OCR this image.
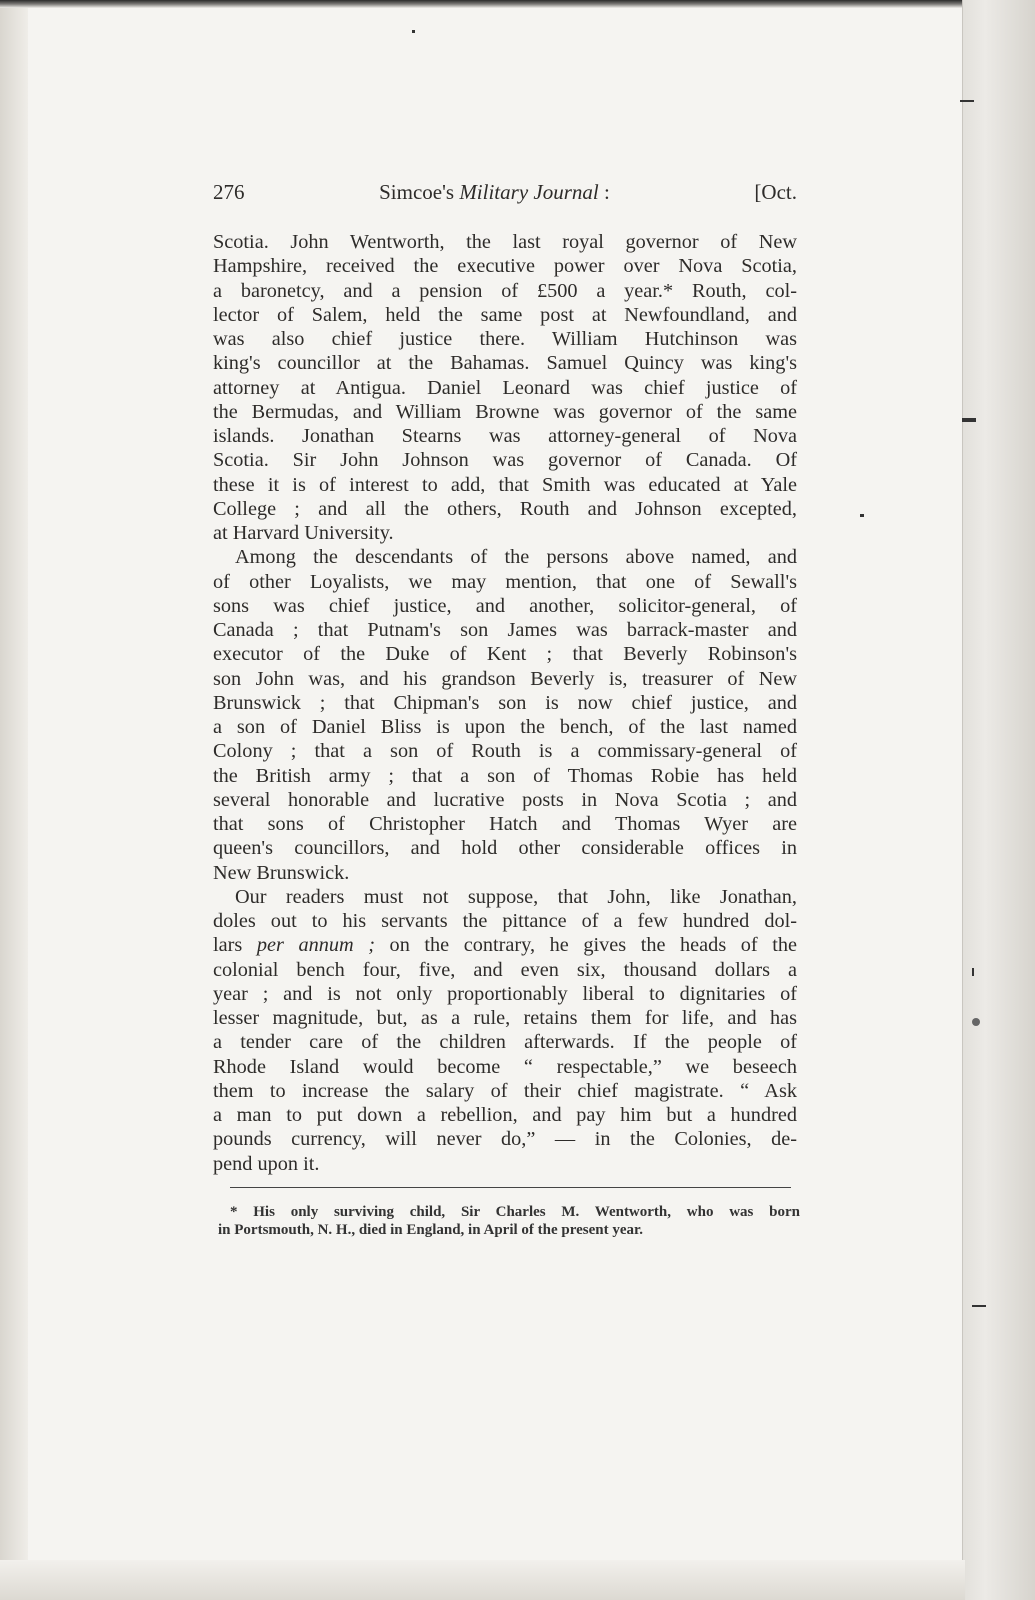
276	Simcoe's Military Journal :	[Oct.
Scotia. John Wentworth, the last royal governor of New
Hampshire, received the executive power over Nova Scotia,
a baronetcy, and a pension of £500 a year.* Routh, col-
lector of Salem, held the same post at Newfoundland, and
was also chief justice there. William Hutchinson was
king's councillor at the Bahamas. Samuel Quincy was king's
attorney at Antigua. Daniel Leonard was chief justice of
the Bermudas, and William Browne was governor of the same
islands. Jonathan Stearns was attorney-general of Nova
Scotia. Sir John Johnson was governor of Canada. Of
these it is of interest to add, that Smith was educated at Yale
College ; and all the others, Routh and Johnson excepted,
at Harvard University.
Among the descendants of the persons above named, and
of other Loyalists, we may mention, that one of Sewall's
sons was chief justice, and another, solicitor-general, of
Canada ; that Putnam's son James was barrack-master and
executor of the Duke of Kent ; that Beverly Robinson's
son John was, and his grandson Beverly is, treasurer of New
Brunswick ; that Chipman's son is now chief justice, and
a son of Daniel Bliss is upon the bench, of the last named
Colony ; that a son of Routh is a commissary-general of
the British army ; that a son of Thomas Robie has held
several honorable and lucrative posts in Nova Scotia ; and
that sons of Christopher Hatch and Thomas Wyer are
queen's councillors, and hold other considerable offices in
New Brunswick.
Our readers must not suppose, that John, like Jonathan,
doles out to his servants the pittance of a few hundred dol-
lars per annum ; on the contrary, he gives the heads of the
colonial bench four, five, and even six, thousand dollars a
year ; and is not only proportionably liberal to dignitaries of
lesser magnitude, but, as a rule, retains them for life, and has
a tender care of the children afterwards. If the people of
Rhode Island would become “ respectable,” we beseech
them to increase the salary of their chief magistrate. “ Ask
a man to put down a rebellion, and pay him but a hundred
pounds currency, will never do,” — in the Colonies, de-
pend upon it.
* His only surviving child, Sir Charles M. Wentworth, who was born
in Portsmouth, N. H., died in England, in April of the present year.
